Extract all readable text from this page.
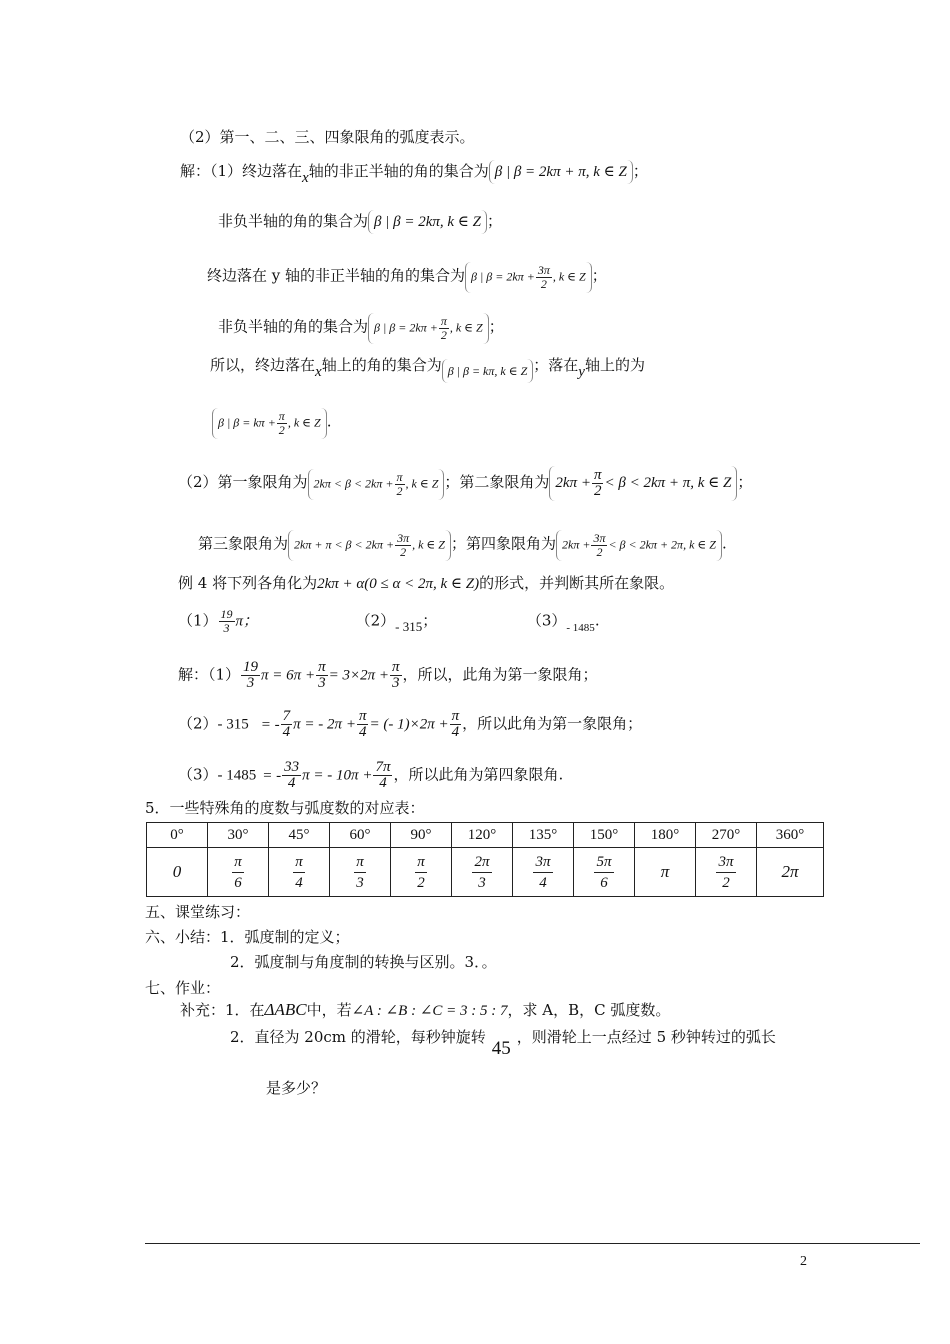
（2）第一、二、三、四象限角的弧度表示。
解：（1）终边落在x轴的非正半轴的角的集合为 β | β = 2kπ + π, k ∈ Z ；
非负半轴的角的集合为 β | β = 2kπ, k ∈ Z ；
终边落在 y 轴的非正半轴的角的集合为 β | $\beta = 2k\pi + \frac{3\pi}{2}$ , k ∈ Z ；
非负半轴的角的集合为 β | $\beta = 2k\pi + \frac{\pi}{2}$ , k ∈ Z ；
所以，终边落在x轴上的角的集合为 β | β = kπ, k ∈ Z ；落在y轴上的为
β | $\beta = k\pi + \frac{\pi}{2}$ , k ∈ Z .
（2）第一象限角为 $2k\pi < \beta < 2k\pi + \frac{\pi}{2}$ , k ∈ Z ；第二象限角为 $2k\pi + \frac{\pi}{2} < \beta < 2k\pi + \pi$, k ∈ Z ；
第三象限角为 $2k\pi + \pi < \beta < 2k\pi + \frac{3\pi}{2}$ , k ∈ Z ；第四象限角为 $2k\pi + \frac{3\pi}{2} < \beta < 2k\pi + 2\pi$, k ∈ Z .
例 4 将下列各角化为2kπ + α(0 ≤ α < 2π, k ∈ Z)的形式，并判断其所在象限。
$(1) \frac{19}{3}$ π；	（2）- 315；	$(3)_{- 1485}$.
解：$(1) \frac{19}{3}$ $\pi = 6\pi + \frac{\pi}{3} = 3\times 2\pi + \frac{\pi}{3}$ ，所以，此角为第一象限角；
（2）- 315 = - $\frac{7}{4}$ π = - $2\pi + \frac{\pi}{4}$ = (- $1)\times 2\pi + \frac{\pi}{4}$ ，所以此角为第一象限角；
（3）- 1485 = - $\frac{33}{4}$ π = - $10\pi + \frac{7\pi}{4}$ ，所以此角为第四象限角.
5．一些特殊角的度数与弧度数的对应表：
0°	30°	45°	60°	90°	120°	135°	150°	180°	270°	360°
0	$\frac{\pi}{6}$	$\frac{\pi}{4}$	$\frac{\pi}{3}$	$\frac{\pi}{2}$	$\frac{2\pi}{3}$	$\frac{3\pi}{4}$	$\frac{5\pi}{6}$	π	$\frac{3\pi}{2}$	2π
五、课堂练习：
六、小结：1．弧度制的定义；
2．弧度制与角度制的转换与区别。3．。
七、作业：
补充：1．在ΔABC中，若∠A : ∠B : ∠C = 3 : 5 : 7，求 A，B，C 弧度数。
2．直径为 20cm 的滑轮，每秒钟旋转45，则滑轮上一点经过 5 秒钟转过的弧长
是多少？
2
